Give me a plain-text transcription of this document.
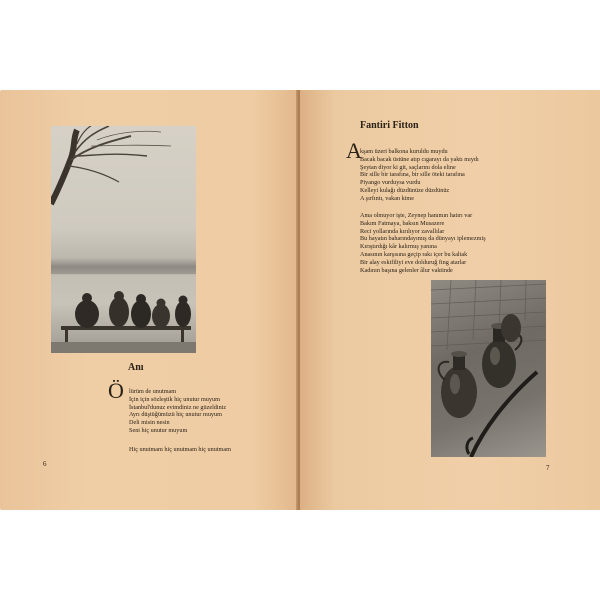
Anı
Ö lürüm de unutmam
İçin için sözleştik hiç unutur muyum
İstanbul'dunuz evimdiniz ne güzeldiniz
Ayrı düştüğümüzü hiç unutur muyum
Deli misin nesin
Seni hiç unutur muyum
Hiç unutmam hiç unutmam hiç unutmam
6
Fantiri Fitton
A
kşam üzeri balkona kuruldu muydu
Bacak bacak üstüne atıp cıgarayı da yaktı mıydı
Şeytan diyor ki git, saçlarını dola eline
Bir sille bir tarafına, bir sille öteki tarafına
Piyango vurduysa vurdu
Kelleyi kulağı düzdünüze düzdünüz
A şırfıntı, vakan kime
Ama olmuyor işte, Zeynep hanımın hatırı var
Bakım Fatmaya, baksın Musazere
Reci yollarında kırılıyor zavallılar
Bu hayatın baharındayımış da dünyayı iplemezmiş
Kırıştırdığı kâr kalırmış yanına
Anasının karşısına geçip rakı içer bu kaltak
Bir alay eskifiliyi eve dolduruğ fing atarlar
Kadının başına gelenler âlur vaktinde
7
